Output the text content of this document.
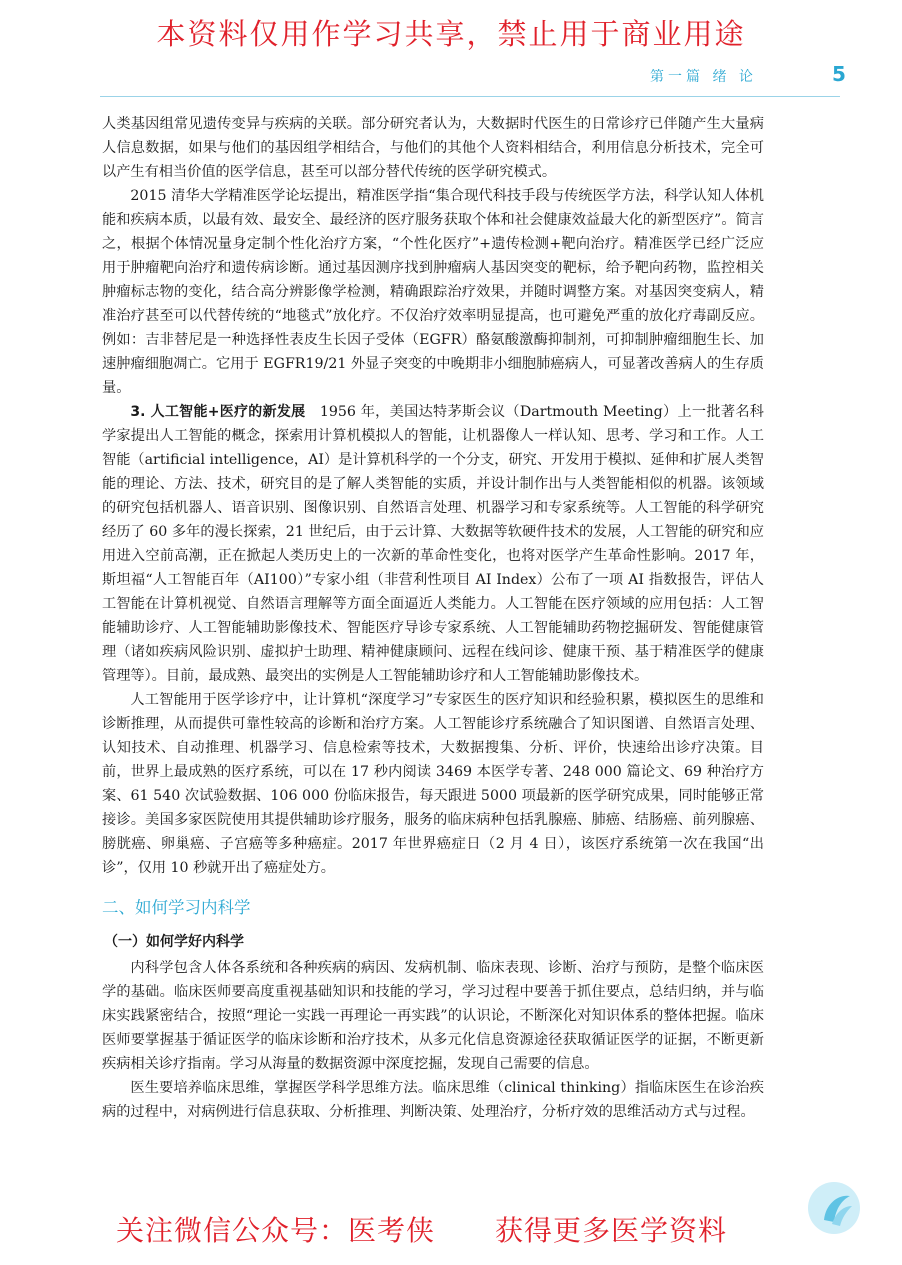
本资料仅用作学习共享，禁止用于商业用途
第一篇 绪 论	5

人类基因组常见遗传变异与疾病的关联。部分研究者认为，大数据时代医生的日常诊疗已伴随产生大量病人信息数据，如果与他们的基因组学相结合，与他们的其他个人资料相结合，利用信息分析技术，完全可以产生有相当价值的医学信息，甚至可以部分替代传统的医学研究模式。

2015 清华大学精准医学论坛提出，精准医学指“集合现代科技手段与传统医学方法，科学认知人体机能和疾病本质，以最有效、最安全、最经济的医疗服务获取个体和社会健康效益最大化的新型医疗”。简言之，根据个体情况量身定制个性化治疗方案，“个性化医疗”+遗传检测+靶向治疗。精准医学已经广泛应用于肿瘤靶向治疗和遗传病诊断。通过基因测序找到肿瘤病人基因突变的靶标，给予靶向药物，监控相关肿瘤标志物的变化，结合高分辨影像学检测，精确跟踪治疗效果，并随时调整方案。对基因突变病人，精准治疗甚至可以代替传统的“地毯式”放化疗。不仅治疗效率明显提高，也可避免严重的放化疗毒副反应。例如：吉非替尼是一种选择性表皮生长因子受体（EGFR）酪氨酸激酶抑制剂，可抑制肿瘤细胞生长、加速肿瘤细胞凋亡。它用于 EGFR19/21 外显子突变的中晚期非小细胞肺癌病人，可显著改善病人的生存质量。

3. 人工智能+医疗的新发展 1956 年，美国达特茅斯会议（Dartmouth Meeting）上一批著名科学家提出人工智能的概念，探索用计算机模拟人的智能，让机器像人一样认知、思考、学习和工作。人工智能（artificial intelligence，AI）是计算机科学的一个分支，研究、开发用于模拟、延伸和扩展人类智能的理论、方法、技术，研究目的是了解人类智能的实质，并设计制作出与人类智能相似的机器。该领域的研究包括机器人、语音识别、图像识别、自然语言处理、机器学习和专家系统等。人工智能的科学研究经历了 60 多年的漫长探索，21 世纪后，由于云计算、大数据等软硬件技术的发展，人工智能的研究和应用进入空前高潮，正在掀起人类历史上的一次新的革命性变化，也将对医学产生革命性影响。2017 年，斯坦福“人工智能百年（AI100）”专家小组（非营利性项目 AI Index）公布了一项 AI 指数报告，评估人工智能在计算机视觉、自然语言理解等方面全面逼近人类能力。人工智能在医疗领域的应用包括：人工智能辅助诊疗、人工智能辅助影像技术、智能医疗导诊专家系统、人工智能辅助药物挖掘研发、智能健康管理（诸如疾病风险识别、虚拟护士助理、精神健康顾问、远程在线问诊、健康干预、基于精准医学的健康管理等）。目前，最成熟、最突出的实例是人工智能辅助诊疗和人工智能辅助影像技术。

人工智能用于医学诊疗中，让计算机“深度学习”专家医生的医疗知识和经验积累，模拟医生的思维和诊断推理，从而提供可靠性较高的诊断和治疗方案。人工智能诊疗系统融合了知识图谱、自然语言处理、认知技术、自动推理、机器学习、信息检索等技术，大数据搜集、分析、评价，快速给出诊疗决策。目前，世界上最成熟的医疗系统，可以在 17 秒内阅读 3469 本医学专著、248 000 篇论文、69 种治疗方案、61 540 次试验数据、106 000 份临床报告，每天跟进 5000 项最新的医学研究成果，同时能够正常接诊。美国多家医院使用其提供辅助诊疗服务，服务的临床病种包括乳腺癌、肺癌、结肠癌、前列腺癌、膀胱癌、卵巢癌、子宫癌等多种癌症。2017 年世界癌症日（2 月 4 日），该医疗系统第一次在我国“出诊”，仅用 10 秒就开出了癌症处方。

二、如何学习内科学

（一）如何学好内科学

内科学包含人体各系统和各种疾病的病因、发病机制、临床表现、诊断、治疗与预防，是整个临床医学的基础。临床医师要高度重视基础知识和技能的学习，学习过程中要善于抓住要点，总结归纳，并与临床实践紧密结合，按照“理论一实践一再理论一再实践”的认识论，不断深化对知识体系的整体把握。临床医师要掌握基于循证医学的临床诊断和治疗技术，从多元化信息资源途径获取循证医学的证据，不断更新疾病相关诊疗指南。学习从海量的数据资源中深度挖掘，发现自己需要的信息。

医生要培养临床思维，掌握医学科学思维方法。临床思维（clinical thinking）指临床医生在诊治疾病的过程中，对病例进行信息获取、分析推理、判断决策、处理治疗，分析疗效的思维活动方式与过程。

关注微信公众号：医考侠 获得更多医学资料
